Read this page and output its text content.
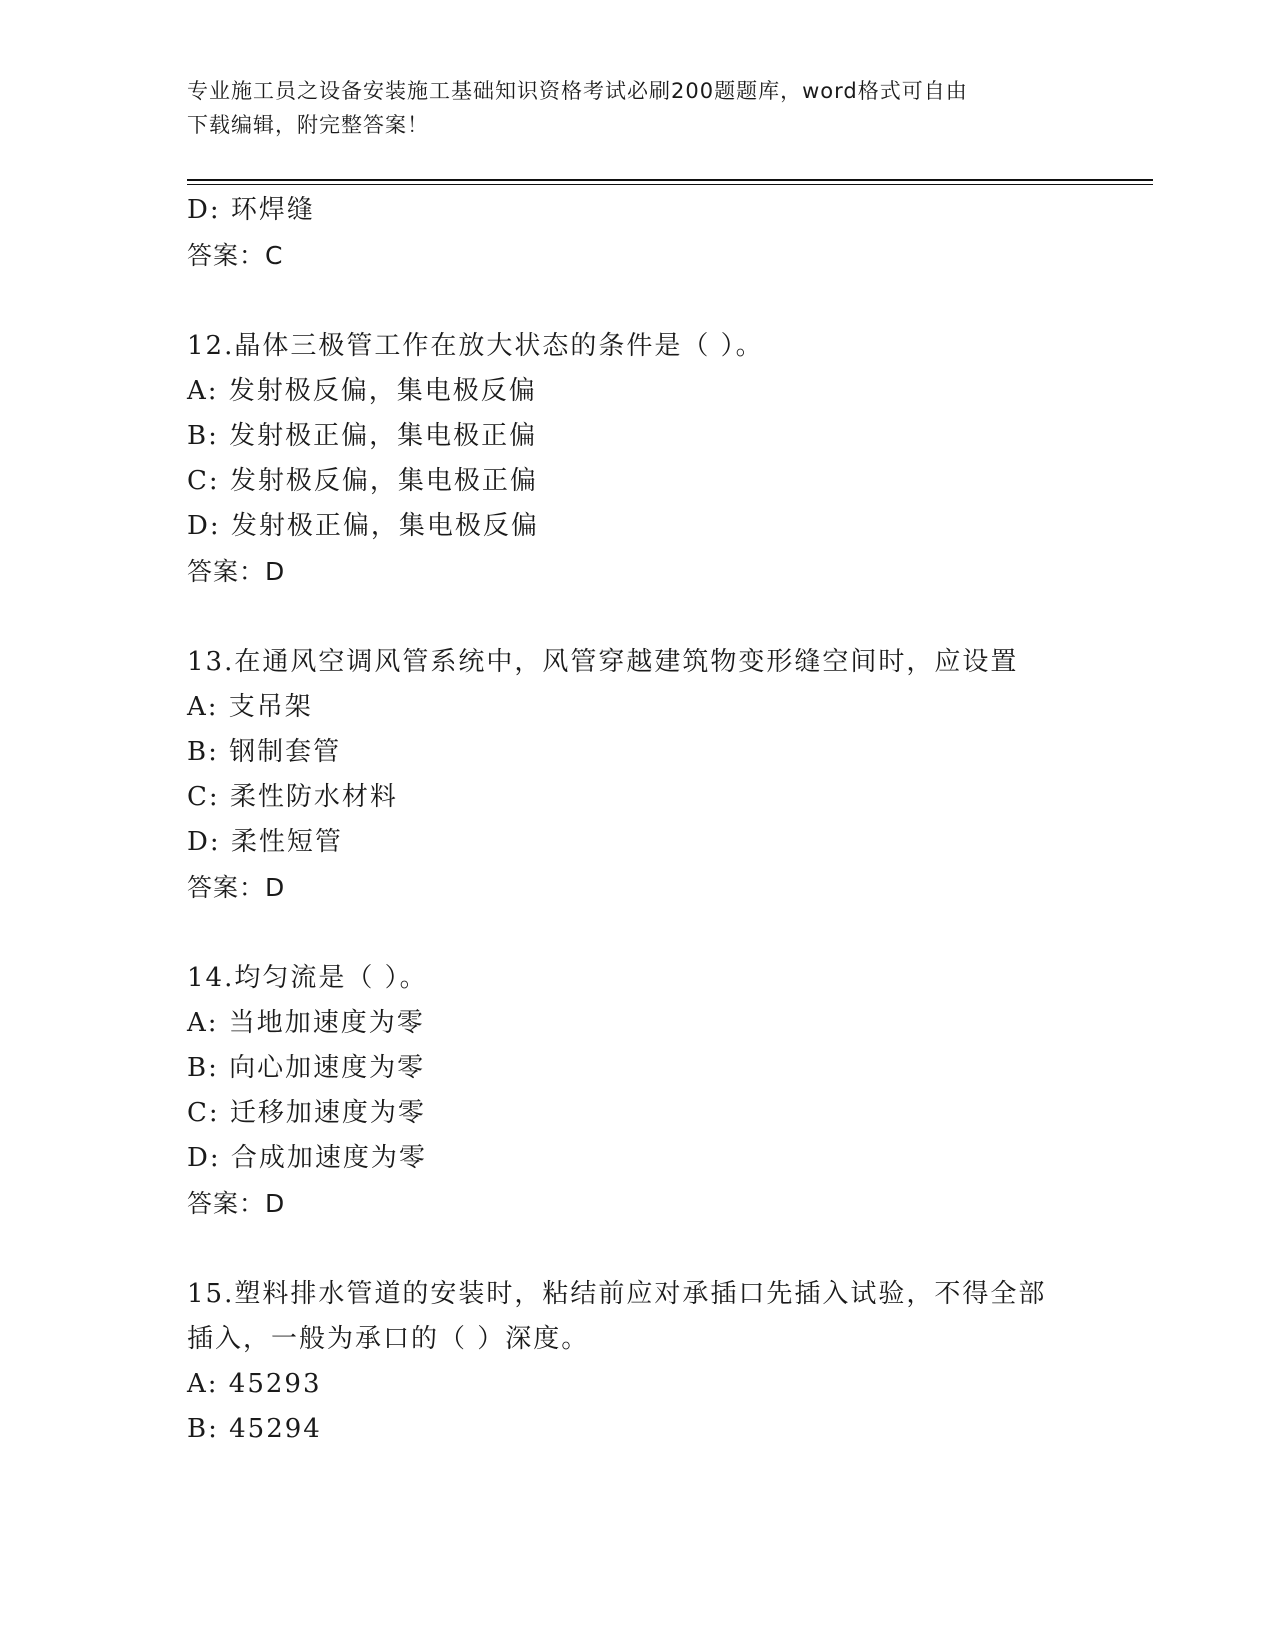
专业施工员之设备安装施工基础知识资格考试必刷200题题库，word格式可自由
下载编辑，附完整答案！
D: 环焊缝
答案：C
12.晶体三极管工作在放大状态的条件是（ ）。
A: 发射极反偏，集电极反偏
B: 发射极正偏，集电极正偏
C: 发射极反偏，集电极正偏
D: 发射极正偏，集电极反偏
答案：D
13.在通风空调风管系统中，风管穿越建筑物变形缝空间时，应设置
A: 支吊架
B: 钢制套管
C: 柔性防水材料
D: 柔性短管
答案：D
14.均匀流是（ ）。
A: 当地加速度为零
B: 向心加速度为零
C: 迁移加速度为零
D: 合成加速度为零
答案：D
15.塑料排水管道的安装时，粘结前应对承插口先插入试验，不得全部
插入，一般为承口的（ ）深度。
A: 45293
B: 45294
